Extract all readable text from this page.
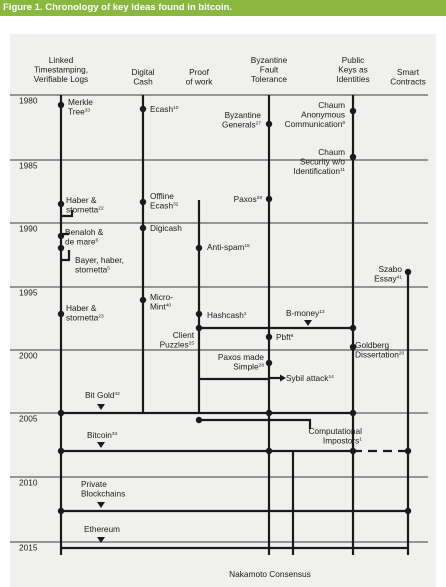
Figure 1. Chronology of key ideas found in bitcoin.
Linked Timestamping, Verifiable Logs
Digital Cash
Proof of work
Byzantine Fault Tolerance
Public Keys as Identities
Smart Contracts
1980
1985
1990
1995
2000
2005
2010
2015
Merkle Tree$^{33}$	Ecash$^{10}$
Byzantine Generals$^{27}$
Chaum Anonymous Communication$^8$
Chaum Security w/o Identification$^{11}$
Haber & stornetta$^{22}$
Offline Ecash$^{32}$
Paxos$^{28}$
Benaloh & de mare$^6$
Digicash
Bayer, haber, stornetta$^5$
Anti-spam$^{15}$
Szabo Essay$^{41}$
Haber & stornetta$^{23}$
Micro-Mint$^{40}$
Hashcash$^2$	B-money$^{13}$
Client Puzzles$^{25}$
Pbft$^8$
Goldberg Dissertation$^{20}$
Paxos made Simple$^{28}$
Sybil attack$^{14}$
Bit Gold$^{42}$
Bitcoin$^{34}$	Computational Impostors$^1$
Private Blockchains
Ethereum
Nakamoto Consensus
